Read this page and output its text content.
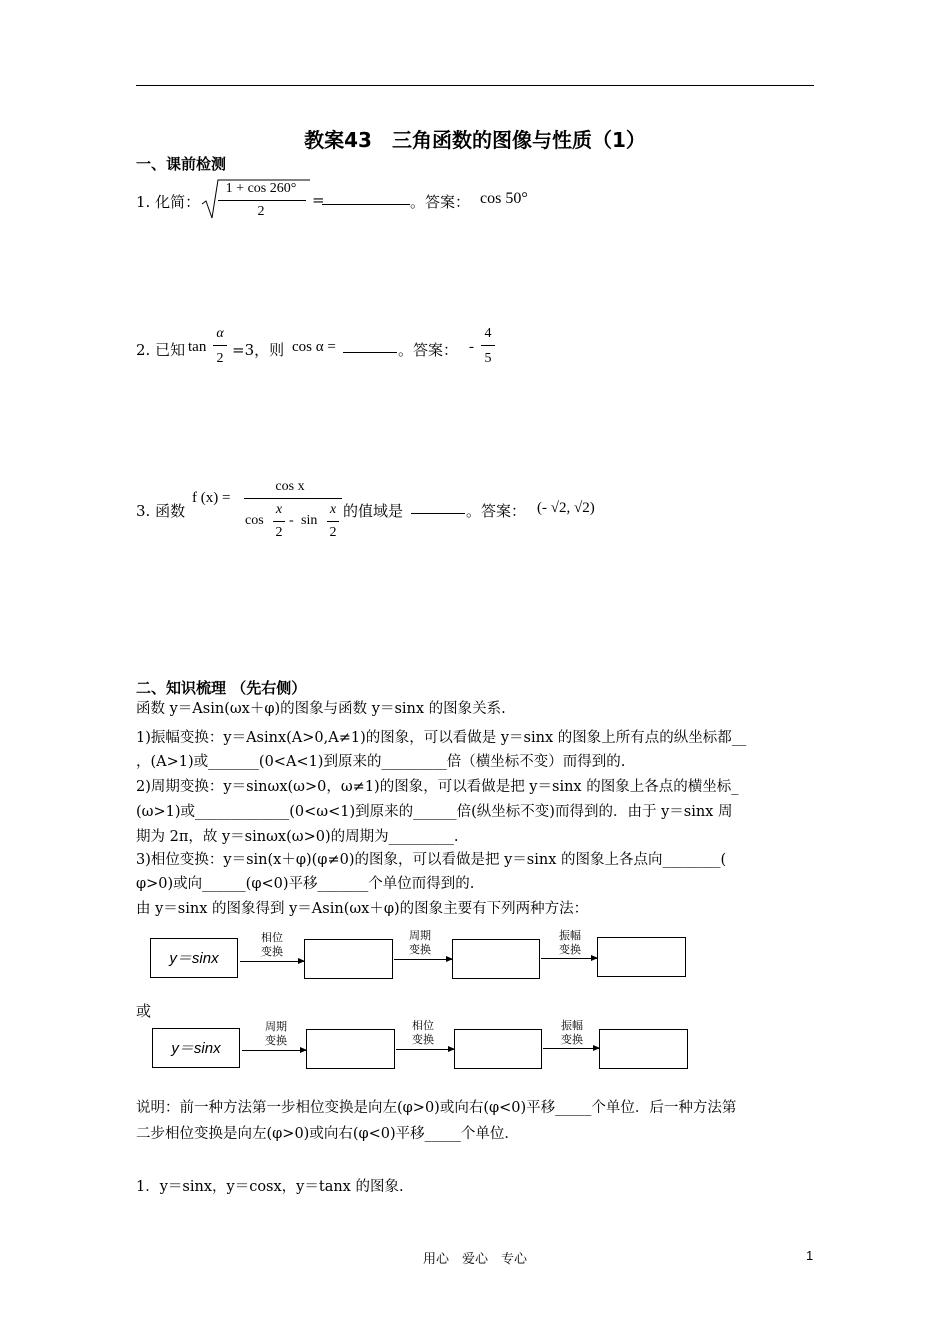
教案43　三角函数的图像与性质（1）
一、课前检测
1. 化简：
1 + cos 260°
2
=	。答案： cos 50°
2. 已知 tan
α
2 =3，则 cos α =	。答案： -
4
5
3. 函数
f (x) =
cos x
cos
x
2
- sin
x
2
的值域是	。答案： (- √2, √2)
二、知识梳理 （先右侧）
函数 y＝Asin(ωx＋φ)的图象与函数 y＝sinx 的图象关系.
1)振幅变换：y＝Asinx(A>0,A≠1)的图象，可以看做是 y＝sinx 的图象上所有点的纵坐标都__
，(A>1)或_______(0<A<1)到原来的_________倍（横坐标不变）而得到的.
2)周期变换：y＝sinωx(ω>0，ω≠1)的图象，可以看做是把 y＝sinx 的图象上各点的横坐标_
(ω>1)或_____________(0<ω<1)到原来的______倍(纵坐标不变)而得到的．由于 y＝sinx 周
期为 2π，故 y＝sinωx(ω>0)的周期为_________.
3)相位变换：y＝sin(x＋φ)(φ≠0)的图象，可以看做是把 y＝sinx 的图象上各点向________(
φ>0)或向______(φ<0)平移_______个单位而得到的.
由 y＝sinx 的图象得到 y＝Asin(ωx＋φ)的图象主要有下列两种方法：
y＝sinx
相位
变换
周期
变换
振幅
变换
或
y＝sinx
周期
变换
相位
变换
振幅
变换
说明：前一种方法第一步相位变换是向左(φ>0)或向右(φ<0)平移_____个单位．后一种方法第
二步相位变换是向左(φ>0)或向右(φ<0)平移_____个单位．
1．y＝sinx，y＝cosx，y＝tanx 的图象.
用心　爱心　专心	1
